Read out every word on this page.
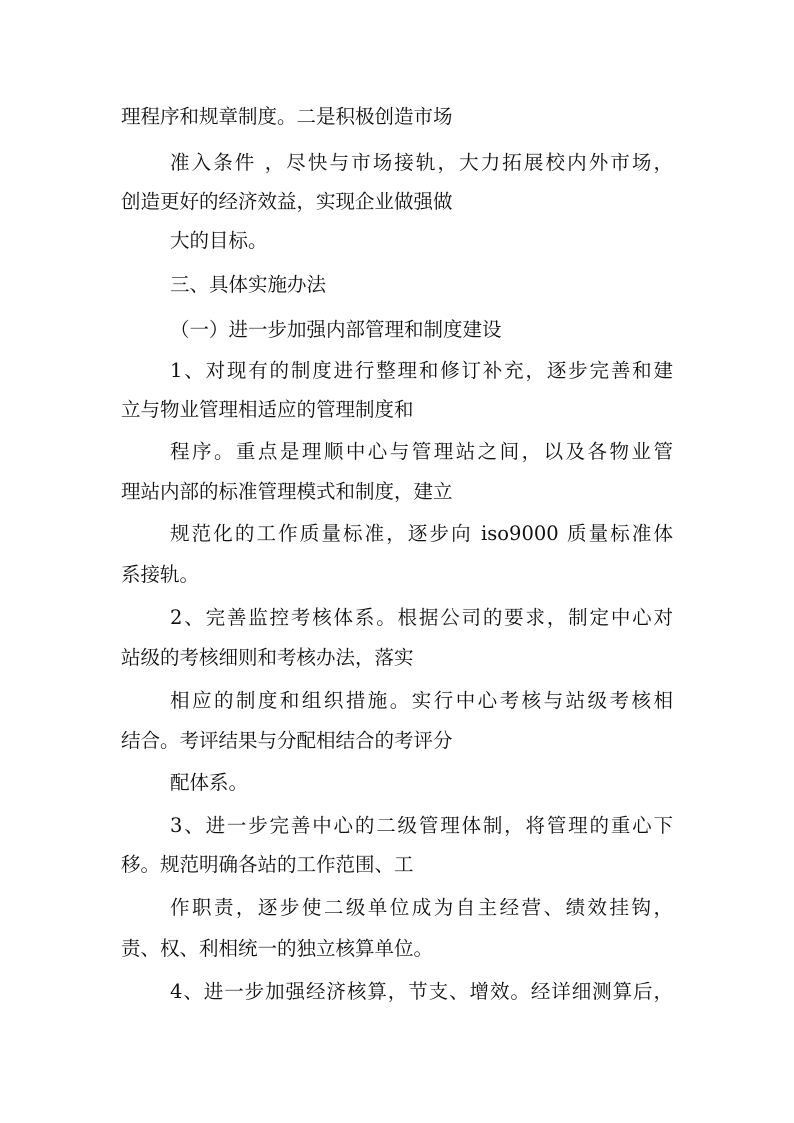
理程序和规章制度。二是积极创造市场
准入条件 ，尽快与市场接轨，大力拓展校内外市场，
创造更好的经济效益，实现企业做强做
大的目标。
三、具体实施办法
（一）进一步加强内部管理和制度建设
1、对现有的制度进行整理和修订补充，逐步完善和建
立与物业管理相适应的管理制度和
程序。重点是理顺中心与管理站之间，以及各物业管
理站内部的标准管理模式和制度，建立
规范化的工作质量标准，逐步向 iso9000 质量标准体
系接轨。
2、完善监控考核体系。根据公司的要求，制定中心对
站级的考核细则和考核办法，落实
相应的制度和组织措施。实行中心考核与站级考核相
结合。考评结果与分配相结合的考评分
配体系。
3、进一步完善中心的二级管理体制，将管理的重心下
移。规范明确各站的工作范围、工
作职责，逐步使二级单位成为自主经营、绩效挂钩，
责、权、利相统一的独立核算单位。
4、进一步加强经济核算，节支、增效。经详细测算后，
